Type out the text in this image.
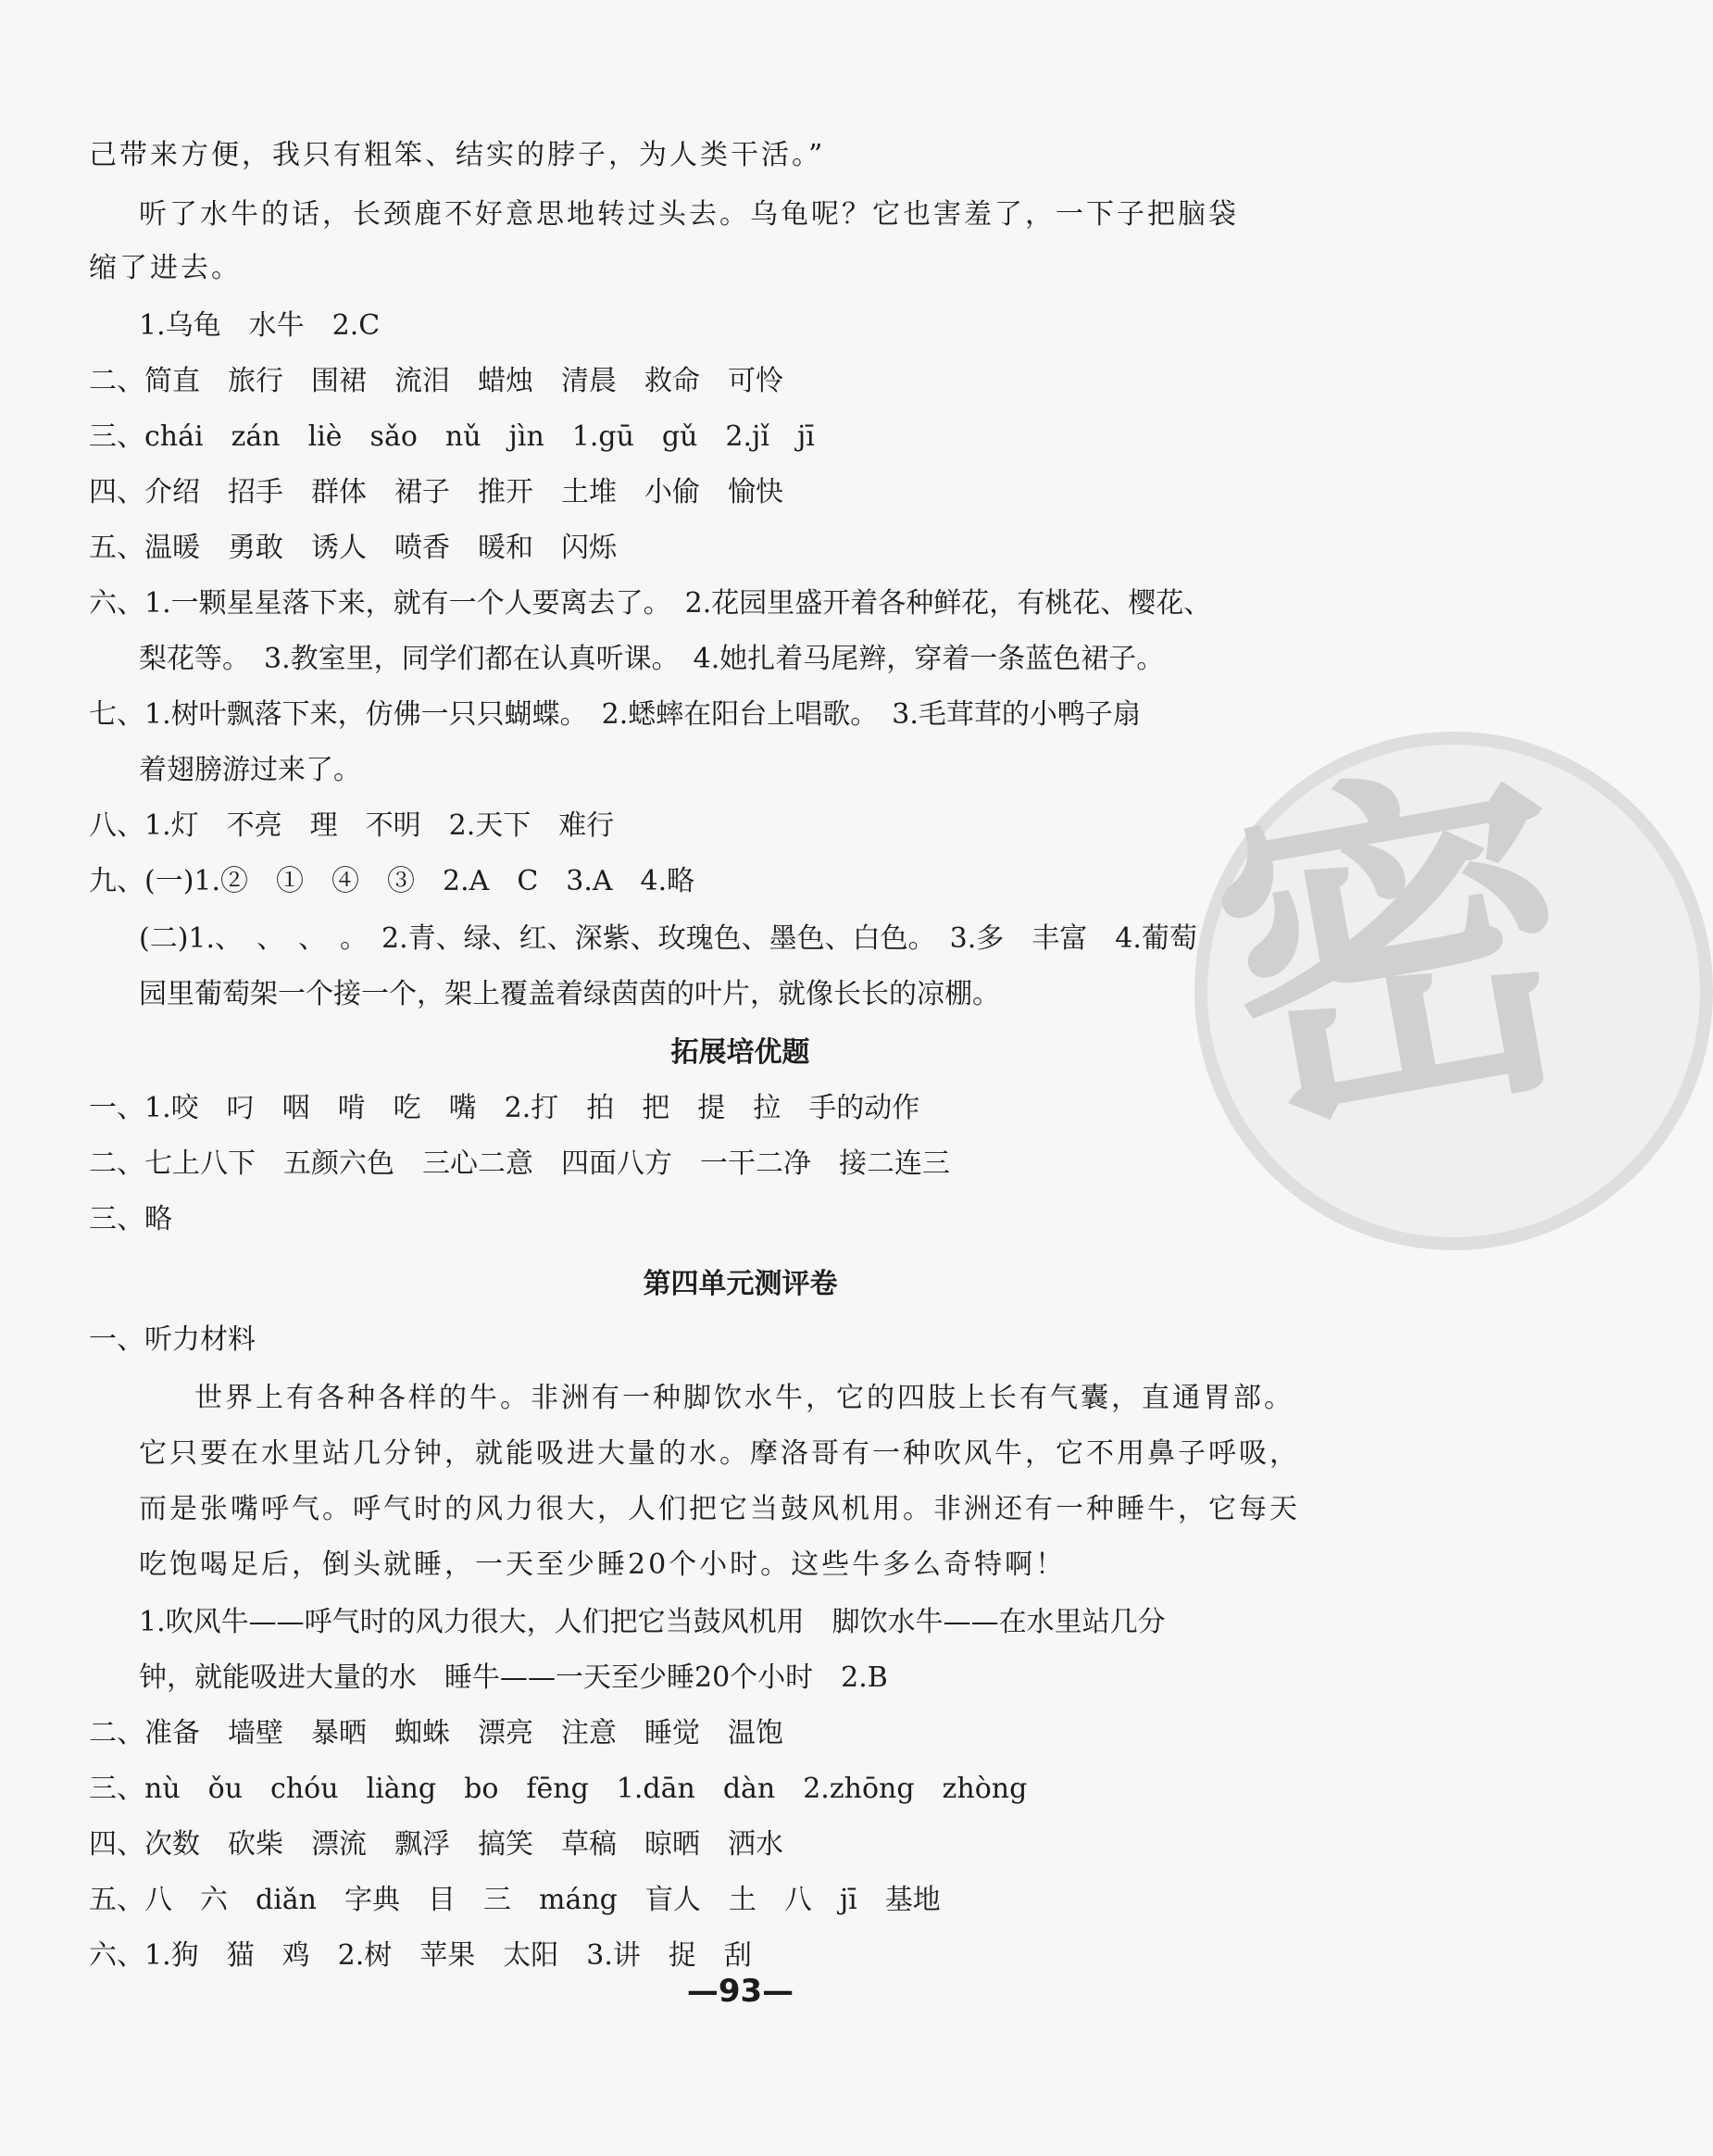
密
己带来方便，我只有粗笨、结实的脖子，为人类干活。”
听了水牛的话，长颈鹿不好意思地转过头去。乌龟呢？它也害羞了，一下子把脑袋
缩了进去。
1.乌龟　水牛　2.C
二、简直　旅行　围裙　流泪　蜡烛　清晨　救命　可怜
三、chái　zán　liè　sǎo　nǔ　jìn　1.gū　gǔ　2.jǐ　jī
四、介绍　招手　群体　裙子　推开　土堆　小偷　愉快
五、温暖　勇敢　诱人　喷香　暖和　闪烁
六、1.一颗星星落下来，就有一个人要离去了。　2.花园里盛开着各种鲜花，有桃花、樱花、
梨花等。　3.教室里，同学们都在认真听课。　4.她扎着马尾辫，穿着一条蓝色裙子。
七、1.树叶飘落下来，仿佛一只只蝴蝶。　2.蟋蟀在阳台上唱歌。　3.毛茸茸的小鸭子扇
着翅膀游过来了。
八、1.灯　不亮　理　不明　2.天下　难行
九、(一)1.②　①　④　③　2.A　C　3.A　4.略
(二)1.、　、　、　。　2.青、绿、红、深紫、玫瑰色、墨色、白色。　3.多　丰富　4.葡萄
园里葡萄架一个接一个，架上覆盖着绿茵茵的叶片，就像长长的凉棚。
一、1.咬　叼　咽　啃　吃　嘴　2.打　拍　把　提　拉　手的动作
二、七上八下　五颜六色　三心二意　四面八方　一干二净　接二连三
三、略
一、听力材料
世界上有各种各样的牛。非洲有一种脚饮水牛，它的四肢上长有气囊，直通胃部。
它只要在水里站几分钟，就能吸进大量的水。摩洛哥有一种吹风牛，它不用鼻子呼吸，
而是张嘴呼气。呼气时的风力很大，人们把它当鼓风机用。非洲还有一种睡牛，它每天
吃饱喝足后，倒头就睡，一天至少睡20个小时。这些牛多么奇特啊！
1.吹风牛——呼气时的风力很大，人们把它当鼓风机用　脚饮水牛——在水里站几分
钟，就能吸进大量的水　睡牛——一天至少睡20个小时　2.B
二、准备　墙壁　暴晒　蜘蛛　漂亮　注意　睡觉　温饱
三、nù　ǒu　chóu　liàng　bo　fēng　1.dān　dàn　2.zhōng　zhòng
四、次数　砍柴　漂流　飘浮　搞笑　草稿　晾晒　洒水
五、八　六　diǎn　字典　目　三　máng　盲人　土　八　jī　基地
六、1.狗　猫　鸡　2.树　苹果　太阳　3.讲　捉　刮
拓展培优题
第四单元测评卷
—93—
